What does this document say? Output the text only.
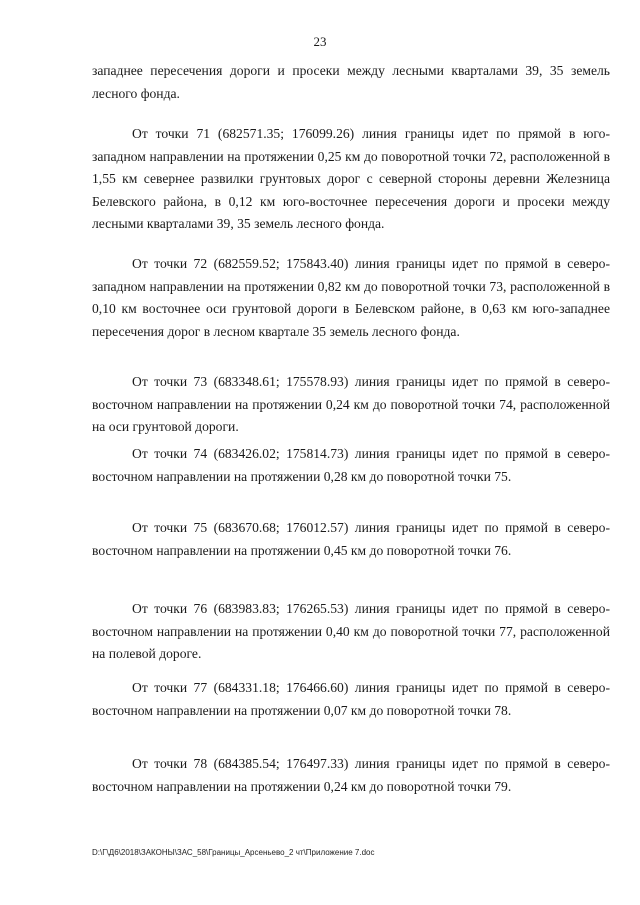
23

западнее пересечения дороги и просеки между лесными кварталами 39, 35 земель лесного фонда.

От точки 71 (682571.35; 176099.26) линия границы идет по прямой в юго-западном направлении на протяжении 0,25 км до поворотной точки 72, расположенной в 1,55 км севернее развилки грунтовых дорог с северной стороны деревни Железница Белевского района, в 0,12 км юго-восточнее пересечения дороги и просеки между лесными кварталами 39, 35 земель лесного фонда.

От точки 72 (682559.52; 175843.40) линия границы идет по прямой в северо-западном направлении на протяжении 0,82 км до поворотной точки 73, расположенной в 0,10 км восточнее оси грунтовой дороги в Белевском районе, в 0,63 км юго-западнее пересечения дорог в лесном квартале 35 земель лесного фонда.

От точки 73 (683348.61; 175578.93) линия границы идет по прямой в северо-восточном направлении на протяжении 0,24 км до поворотной точки 74, расположенной на оси грунтовой дороги.

От точки 74 (683426.02; 175814.73) линия границы идет по прямой в северо-восточном направлении на протяжении 0,28 км до поворотной точки 75.

От точки 75 (683670.68; 176012.57) линия границы идет по прямой в северо-восточном направлении на протяжении 0,45 км до поворотной точки 76.

От точки 76 (683983.83; 176265.53) линия границы идет по прямой в северо-восточном направлении на протяжении 0,40 км до поворотной точки 77, расположенной на полевой дороге.

От точки 77 (684331.18; 176466.60) линия границы идет по прямой в северо-восточном направлении на протяжении 0,07 км до поворотной точки 78.

От точки 78 (684385.54; 176497.33) линия границы идет по прямой в северо-восточном направлении на протяжении 0,24 км до поворотной точки 79.

D:\Г\Д6\2018\ЗАКОНЫ\ЗАС_58\Границы_Арсеньево_2 чт\Приложение 7.doc
